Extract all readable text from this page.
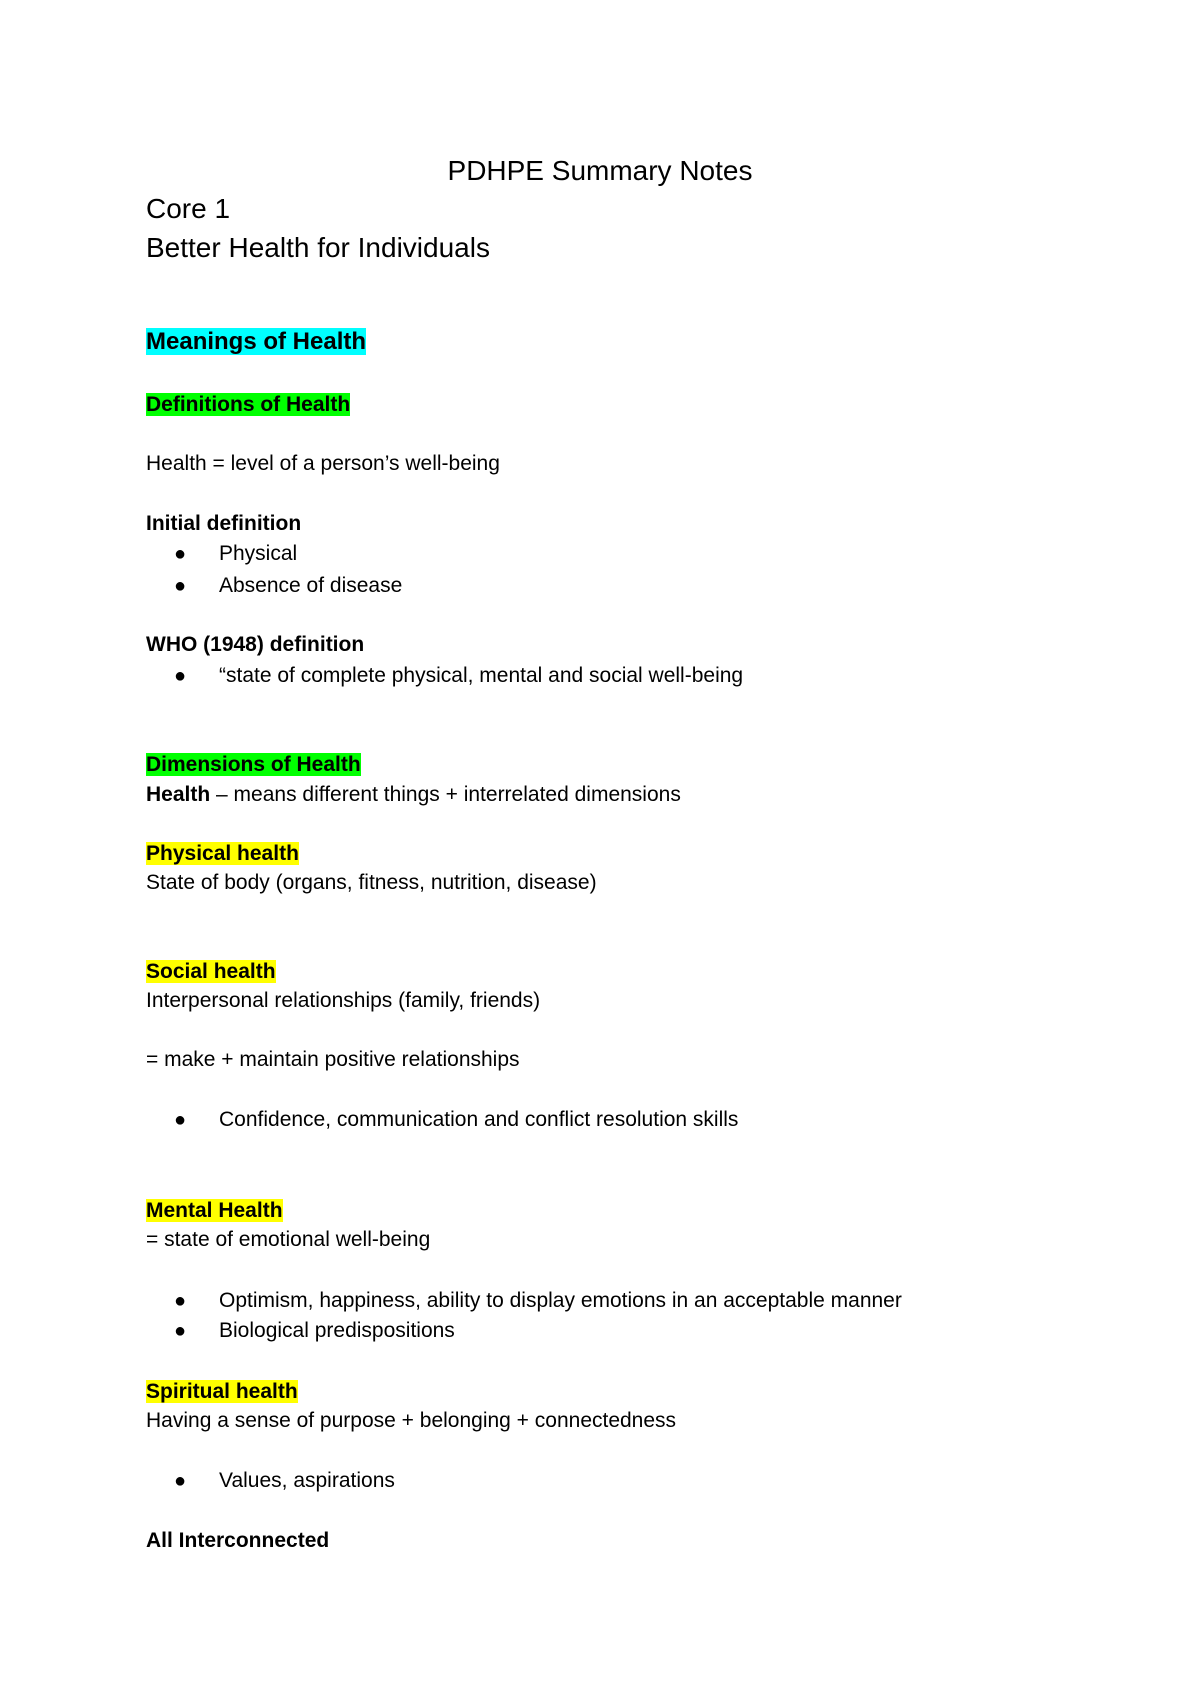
PDHPE Summary Notes
Core 1
Better Health for Individuals
Meanings of Health
Definitions of Health
Health = level of a person’s well-being
Initial definition
● Physical
● Absence of disease
WHO (1948) definition
● “state of complete physical, mental and social well-being
Dimensions of Health
Health – means different things + interrelated dimensions
Physical health
State of body (organs, fitness, nutrition, disease)
Social health
Interpersonal relationships (family, friends)
= make + maintain positive relationships
● Confidence, communication and conflict resolution skills
Mental Health
= state of emotional well-being
● Optimism, happiness, ability to display emotions in an acceptable manner
● Biological predispositions
Spiritual health
Having a sense of purpose + belonging + connectedness
● Values, aspirations
All Interconnected
